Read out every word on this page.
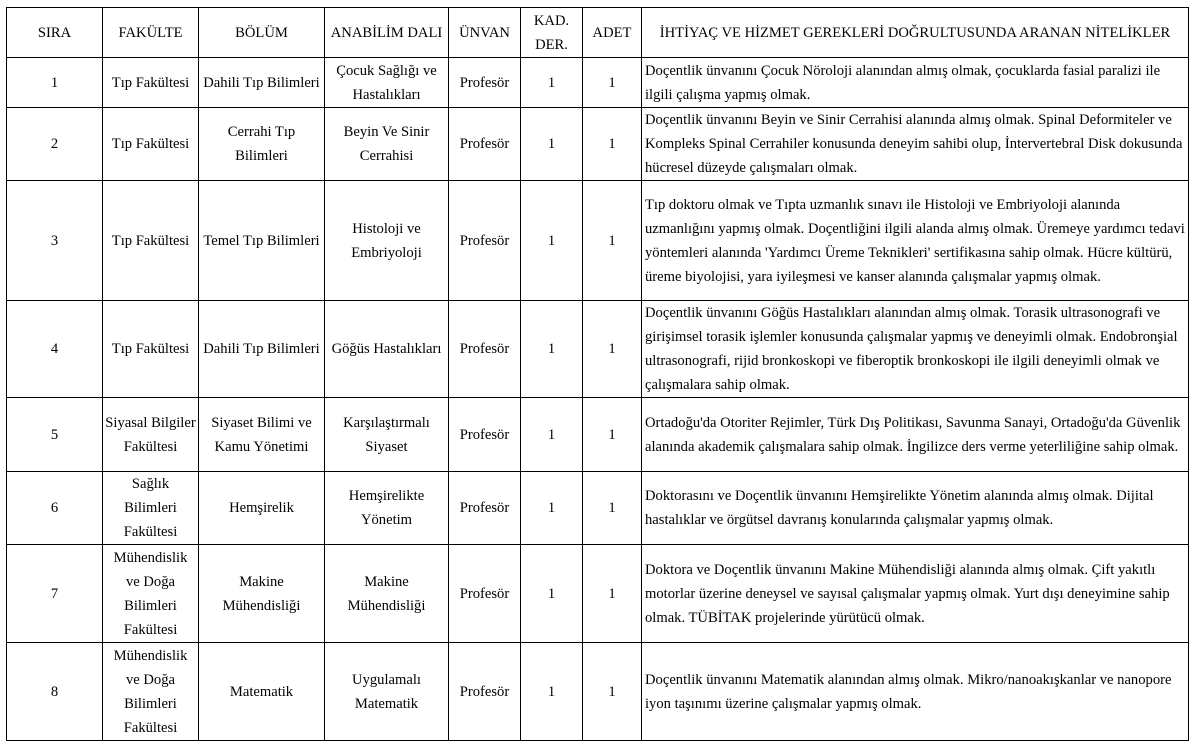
SIRA	FAKÜLTE	BÖLÜM	ANABİLİM DALI	ÜNVAN	KAD. DER.	ADET	İHTİYAÇ VE HİZMET GEREKLERİ DOĞRULTUSUNDA ARANAN NİTELİKLER
1	Tıp Fakültesi	Dahili Tıp Bilimleri	Çocuk Sağlığı ve Hastalıkları	Profesör	1	1	Doçentlik ünvanını Çocuk Nöroloji alanından almış olmak, çocuklarda fasial paralizi ile ilgili çalışma yapmış olmak.
2	Tıp Fakültesi	Cerrahi Tıp Bilimleri	Beyin Ve Sinir Cerrahisi	Profesör	1	1	Doçentlik ünvanını Beyin ve Sinir Cerrahisi alanında almış olmak. Spinal Deformiteler ve Kompleks Spinal Cerrahiler konusunda deneyim sahibi olup, İntervertebral Disk dokusunda hücresel düzeyde çalışmaları olmak.
3	Tıp Fakültesi	Temel Tıp Bilimleri	Histoloji ve Embriyoloji	Profesör	1	1	Tıp doktoru olmak ve Tıpta uzmanlık sınavı ile Histoloji ve Embriyoloji alanında uzmanlığını yapmış olmak. Doçentliğini ilgili alanda almış olmak. Üremeye yardımcı tedavi yöntemleri alanında 'Yardımcı Üreme Teknikleri' sertifikasına sahip olmak. Hücre kültürü, üreme biyolojisi, yara iyileşmesi ve kanser alanında çalışmalar yapmış olmak.
4	Tıp Fakültesi	Dahili Tıp Bilimleri	Göğüs Hastalıkları	Profesör	1	1	Doçentlik ünvanını Göğüs Hastalıkları alanından almış olmak. Torasik ultrasonografi ve girişimsel torasik işlemler konusunda çalışmalar yapmış ve deneyimli olmak. Endobronşial ultrasonografi, rijid bronkoskopi ve fiberoptik bronkoskopi ile ilgili deneyimli olmak ve çalışmalara sahip olmak.
5	Siyasal Bilgiler Fakültesi	Siyaset Bilimi ve Kamu Yönetimi	Karşılaştırmalı Siyaset	Profesör	1	1	Ortadoğu'da Otoriter Rejimler, Türk Dış Politikası, Savunma Sanayi, Ortadoğu'da Güvenlik alanında akademik çalışmalara sahip olmak. İngilizce ders verme yeterliliğine sahip olmak.
6	Sağlık Bilimleri Fakültesi	Hemşirelik	Hemşirelikte Yönetim	Profesör	1	1	Doktorasını ve Doçentlik ünvanını Hemşirelikte Yönetim alanında almış olmak. Dijital hastalıklar ve örgütsel davranış konularında çalışmalar yapmış olmak.
7	Mühendislik ve Doğa Bilimleri Fakültesi	Makine Mühendisliği	Makine Mühendisliği	Profesör	1	1	Doktora ve Doçentlik ünvanını Makine Mühendisliği alanında almış olmak. Çift yakıtlı motorlar üzerine deneysel ve sayısal çalışmalar yapmış olmak. Yurt dışı deneyimine sahip olmak. TÜBİTAK projelerinde yürütücü olmak.
8	Mühendislik ve Doğa Bilimleri Fakültesi	Matematik	Uygulamalı Matematik	Profesör	1	1	Doçentlik ünvanını Matematik alanından almış olmak. Mikro/nanoakışkanlar ve nanopore iyon taşınımı üzerine çalışmalar yapmış olmak.
